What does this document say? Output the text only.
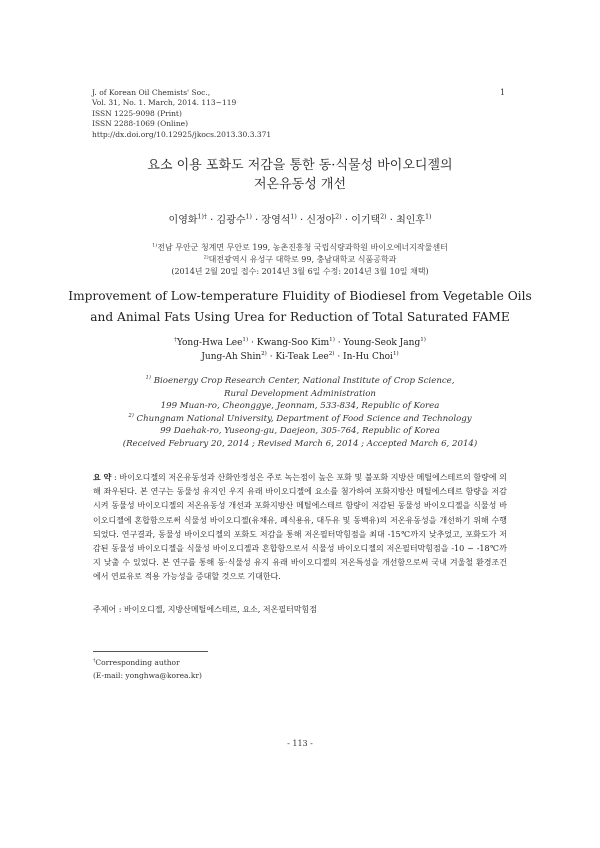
J. of Korean Oil Chemists' Soc.,
Vol. 31, No. 1. March, 2014. 113~119
ISSN 1225-9098 (Print)
ISSN 2288-1069 (Online)
http://dx.doi.org/10.12925/jkocs.2013.30.3.371
1
요소 이용 포화도 저감을 통한 동·식물성 바이오디젤의
저온유동성 개선
이영화$^{1)\dagger}$ · 김광수$^{1)}$ · 장영석$^{1)}$ · 신정아$^{2)}$ · 이기택$^{2)}$ · 최인후$^{1)}$
$^{1)}$전남 무안군 청계면 무안로 199, 농촌진흥청 국립식량과학원 바이오에너지작물센터
$^{2)}$대전광역시 유성구 대학로 99, 충남대학교 식품공학과
(2014년 2월 20일 접수: 2014년 3월 6일 수정: 2014년 3월 10일 채택)
Improvement of Low-temperature Fluidity of Biodiesel from Vegetable Oils
and Animal Fats Using Urea for Reduction of Total Saturated FAME
†Yong-Hwa Lee$^{1)}$ · Kwang-Soo Kim$^{1)}$ · Young-Seok Jang$^{1)}$
Jung-Ah Shin$^{2)}$ · Ki-Teak Lee$^{2)}$ · In-Hu Choi$^{1)}$
$^{1)}$ Bioenergy Crop Research Center, National Institute of Crop Science,
Rural Development Administration
199 Muan-ro, Cheonggye, Jeonnam, 533-834, Republic of Korea
$^{2)}$ Chungnam National University, Department of Food Science and Technology
99 Daehak-ro, Yuseong-gu, Daejeon, 305-764, Republic of Korea
(Received February 20, 2014 ; Revised March 6, 2014 ; Accepted March 6, 2014)
요 약 : 바이오디젤의 저온유동성과 산화안정성은 주로 녹는점이 높은 포화 및 불포화 지방산 메틸에스테르의 함량에 의해 좌우된다. 본 연구는 동물성 유지인 우지 유래 바이오디젤에 요소를 첨가하여 포화지방산 메틸에스테르 함량을 저감시켜 동물성 바이오디젤의 저온유동성 개선과 포화지방산 메틸에스테르 함량이 저감된 동물성 바이오디젤을 식물성 바이오디젤에 혼합함으로써 식물성 바이오디젤(유채유, 폐식용유, 대두유 및 동백유)의 저온유동성을 개선하기 위해 수행 되었다. 연구결과, 동물성 바이오디젤의 포화도 저감을 통해 저온필터막힘점을 최대 -15℃까지 낮추었고, 포화도가 저감된 동물성 바이오디젤을 식물성 바이오디젤과 혼합함으로서 식물성 바이오디젤의 저온필터막힘점을 -10 ~ -18℃까지 낮출 수 있었다. 본 연구를 통해 동·식물성 유지 유래 바이오디젤의 저온특성을 개선함으로써 국내 겨울철 환경조건에서 연료유로 적용 가능성을 증대할 것으로 기대한다.
주제어 : 바이오디젤, 지방산메틸에스테르, 요소, 저온필터막힘점
†Corresponding author
(E-mail: yonghwa@korea.kr)
- 113 -
